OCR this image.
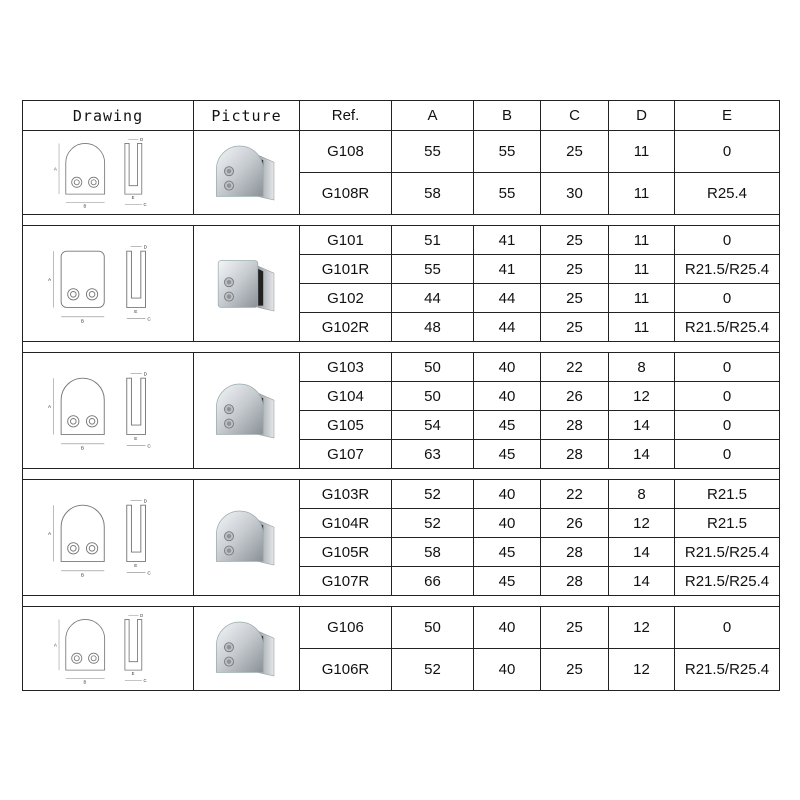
Drawing	Picture	Ref.	A	B	C	D	E

A
B
D
C
E		G108	55	55	25	11	0
		G108R	58	55	30	11	R25.4

A
B
D
C
E		G101	51	41	25	11	0
		G101R	55	41	25	11	R21.5/R25.4
		G102	44	44	25	11	0
		G102R	48	44	25	11	R21.5/R25.4

A
B
D
C
E		G103	50	40	22	8	0
		G104	50	40	26	12	0
		G105	54	45	28	14	0
		G107	63	45	28	14	0

A
B
D
C
E		G103R	52	40	22	8	R21.5
		G104R	52	40	26	12	R21.5
		G105R	58	45	28	14	R21.5/R25.4
		G107R	66	45	28	14	R21.5/R25.4

A
B
D
C
E		G106	50	40	25	12	0
		G106R	52	40	25	12	R21.5/R25.4
